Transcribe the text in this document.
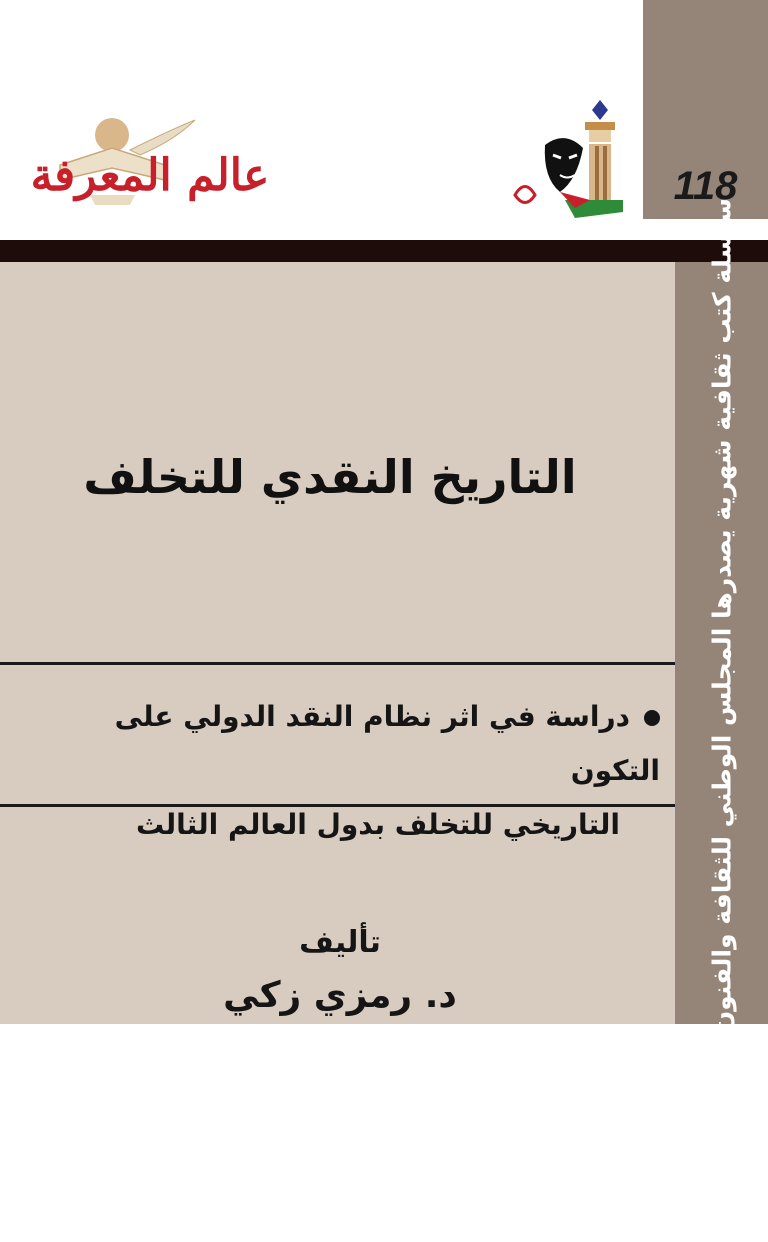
عالم المعرفة	118
سلسلة كتب ثقافية شهرية يصدرها المجلس الوطني للثقافة والفنون والآداب - الكويت
التاريخ النقدي للتخلف
دراسة في اثر نظام النقد الدولي على التكون
التاريخي للتخلف بدول العالم الثالث
تأليف
د. رمزي زكي
